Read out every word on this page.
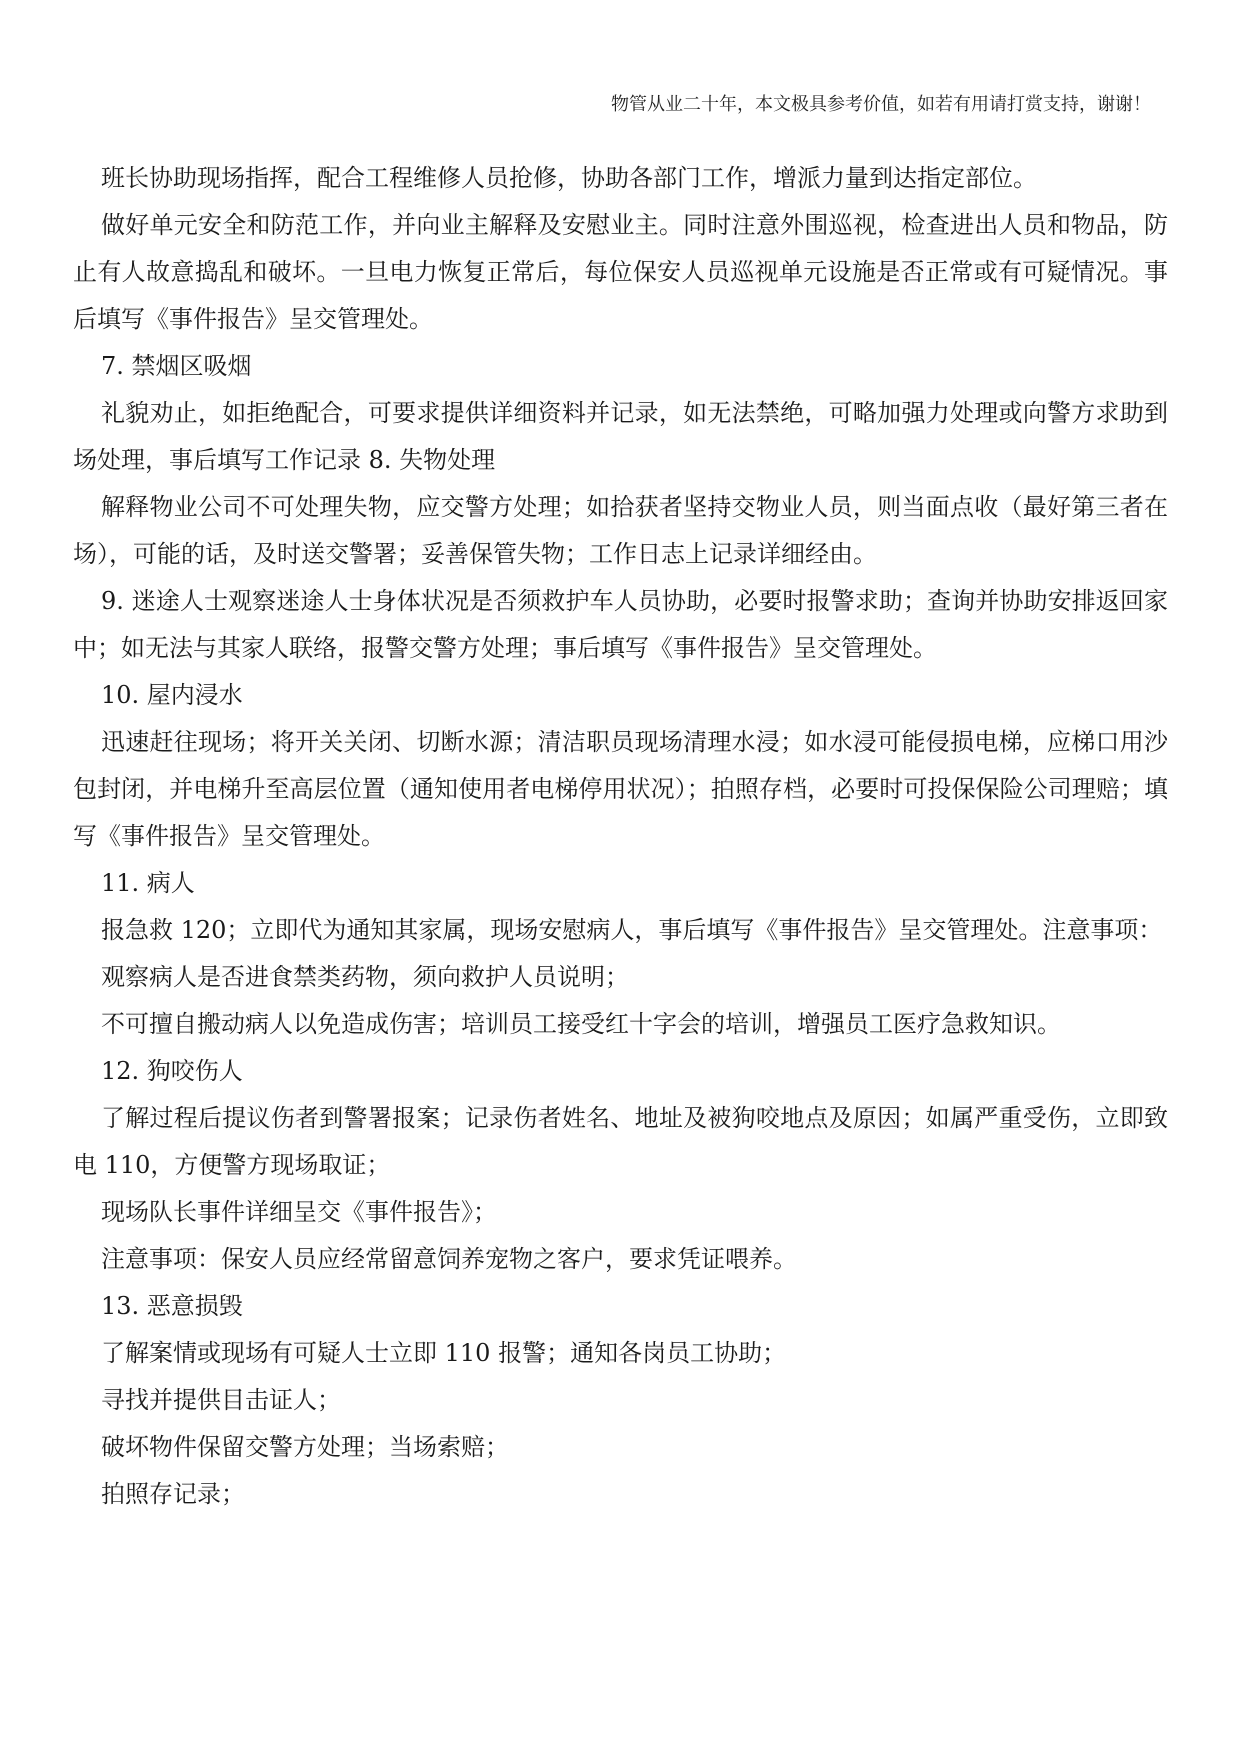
物管从业二十年，本文极具参考价值，如若有用请打赏支持，谢谢！

班长协助现场指挥，配合工程维修人员抢修，协助各部门工作，增派力量到达指定部位。

做好单元安全和防范工作，并向业主解释及安慰业主。同时注意外围巡视，检查进出人员和物品，防止有人故意捣乱和破坏。一旦电力恢复正常后，每位保安人员巡视单元设施是否正常或有可疑情况。事后填写《事件报告》呈交管理处。

7. 禁烟区吸烟

礼貌劝止，如拒绝配合，可要求提供详细资料并记录，如无法禁绝，可略加强力处理或向警方求助到场处理，事后填写工作记录 8. 失物处理

解释物业公司不可处理失物，应交警方处理；如拾获者坚持交物业人员，则当面点收（最好第三者在场），可能的话，及时送交警署；妥善保管失物；工作日志上记录详细经由。

9. 迷途人士观察迷途人士身体状况是否须救护车人员协助，必要时报警求助；查询并协助安排返回家中；如无法与其家人联络，报警交警方处理；事后填写《事件报告》呈交管理处。

10. 屋内浸水

迅速赶往现场；将开关关闭、切断水源；清洁职员现场清理水浸；如水浸可能侵损电梯，应梯口用沙包封闭，并电梯升至高层位置（通知使用者电梯停用状况）；拍照存档，必要时可投保保险公司理赔；填写《事件报告》呈交管理处。

11. 病人

报急救 120；立即代为通知其家属，现场安慰病人，事后填写《事件报告》呈交管理处。注意事项：

观察病人是否进食禁类药物，须向救护人员说明；

不可擅自搬动病人以免造成伤害；培训员工接受红十字会的培训，增强员工医疗急救知识。

12. 狗咬伤人

了解过程后提议伤者到警署报案；记录伤者姓名、地址及被狗咬地点及原因；如属严重受伤，立即致电 110，方便警方现场取证；

现场队长事件详细呈交《事件报告》；

注意事项：保安人员应经常留意饲养宠物之客户，要求凭证喂养。

13. 恶意损毁

了解案情或现场有可疑人士立即 110 报警；通知各岗员工协助；

寻找并提供目击证人；

破坏物件保留交警方处理；当场索赔；

拍照存记录；
